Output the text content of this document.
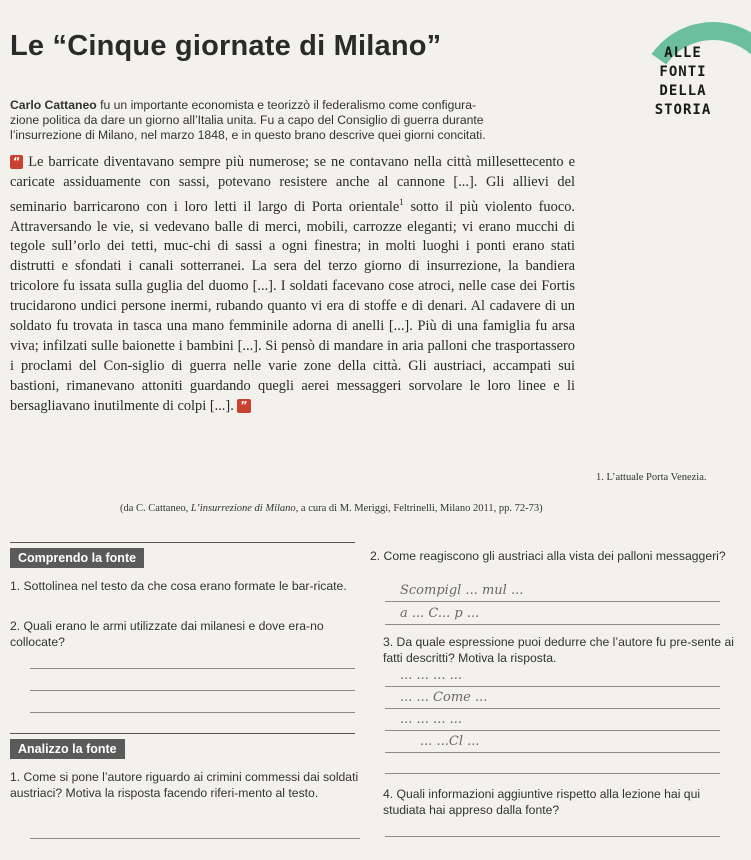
Le “Cinque giornate di Milano”	ALLE
FONTI
DELLA
STORIA

Carlo Cattaneo fu un importante economista e teorizzò il federalismo come configura-

zione politica da dare un giorno all’Italia unita. Fu a capo del Consiglio di guerra durante

l’insurrezione di Milano, nel marzo 1848, e in questo brano descrive quei giorni concitati.

“ Le barricate diventavano sempre più numerose; se ne contavano nella città millesettecento e caricate assiduamente con sassi, potevano resistere anche al cannone [...]. Gli allievi del seminario barricarono con i loro letti il largo di Porta orientale$^1$ sotto il più violento fuoco. Attraversando le vie, si vedevano balle di merci, mobili, carrozze eleganti; vi erano mucchi di tegole sull’orlo dei tetti, muc-chi di sassi a ogni finestra; in molti luoghi i ponti erano stati distrutti e sfondati i canali sotterranei. La sera del terzo giorno di insurrezione, la bandiera tricolore fu issata sulla guglia del duomo [...]. I soldati facevano cose atroci, nelle case dei Fortis trucidarono undici persone inermi, rubando quanto vi era di stoffe e di denari. Al cadavere di un soldato fu trovata in tasca una mano femminile adorna di anelli [...]. Più di una famiglia fu arsa viva; infilzati sulle baionette i bambini [...]. Si pensò di mandare in aria palloni che trasportassero i proclami del Con-siglio di guerra nelle varie zone della città. Gli austriaci, accampati sui bastioni, rimanevano attoniti guardando quegli aerei messaggeri sorvolare le loro linee e li bersagliavano inutilmente di colpi [...]. ”

1. L’attuale Porta Venezia.
(da C. Cattaneo, L’insurrezione di Milano, a cura di M. Meriggi, Feltrinelli, Milano 2011, pp. 72-73)
Comprendo la fonte
1. Sottolinea nel testo da che cosa erano formate le bar-ricate.
2. Quali erano le armi utilizzate dai milanesi e dove era-no collocate?
2. Come reagiscono gli austriaci alla vista dei palloni messaggeri?
Scompigl ... mul ...
a ... C... p ...
3. Da quale espressione puoi dedurre che l’autore fu pre-sente ai fatti descritti? Motiva la risposta.
... ... ... ...
... ... Come ...
... ... ... ...
... ...Cl ...
Analizzo la fonte
1. Come si pone l’autore riguardo ai crimini commessi dai soldati austriaci? Motiva la risposta facendo riferi-mento al testo.	4. Quali informazioni aggiuntive rispetto alla lezione hai qui studiata hai appreso dalla fonte?
